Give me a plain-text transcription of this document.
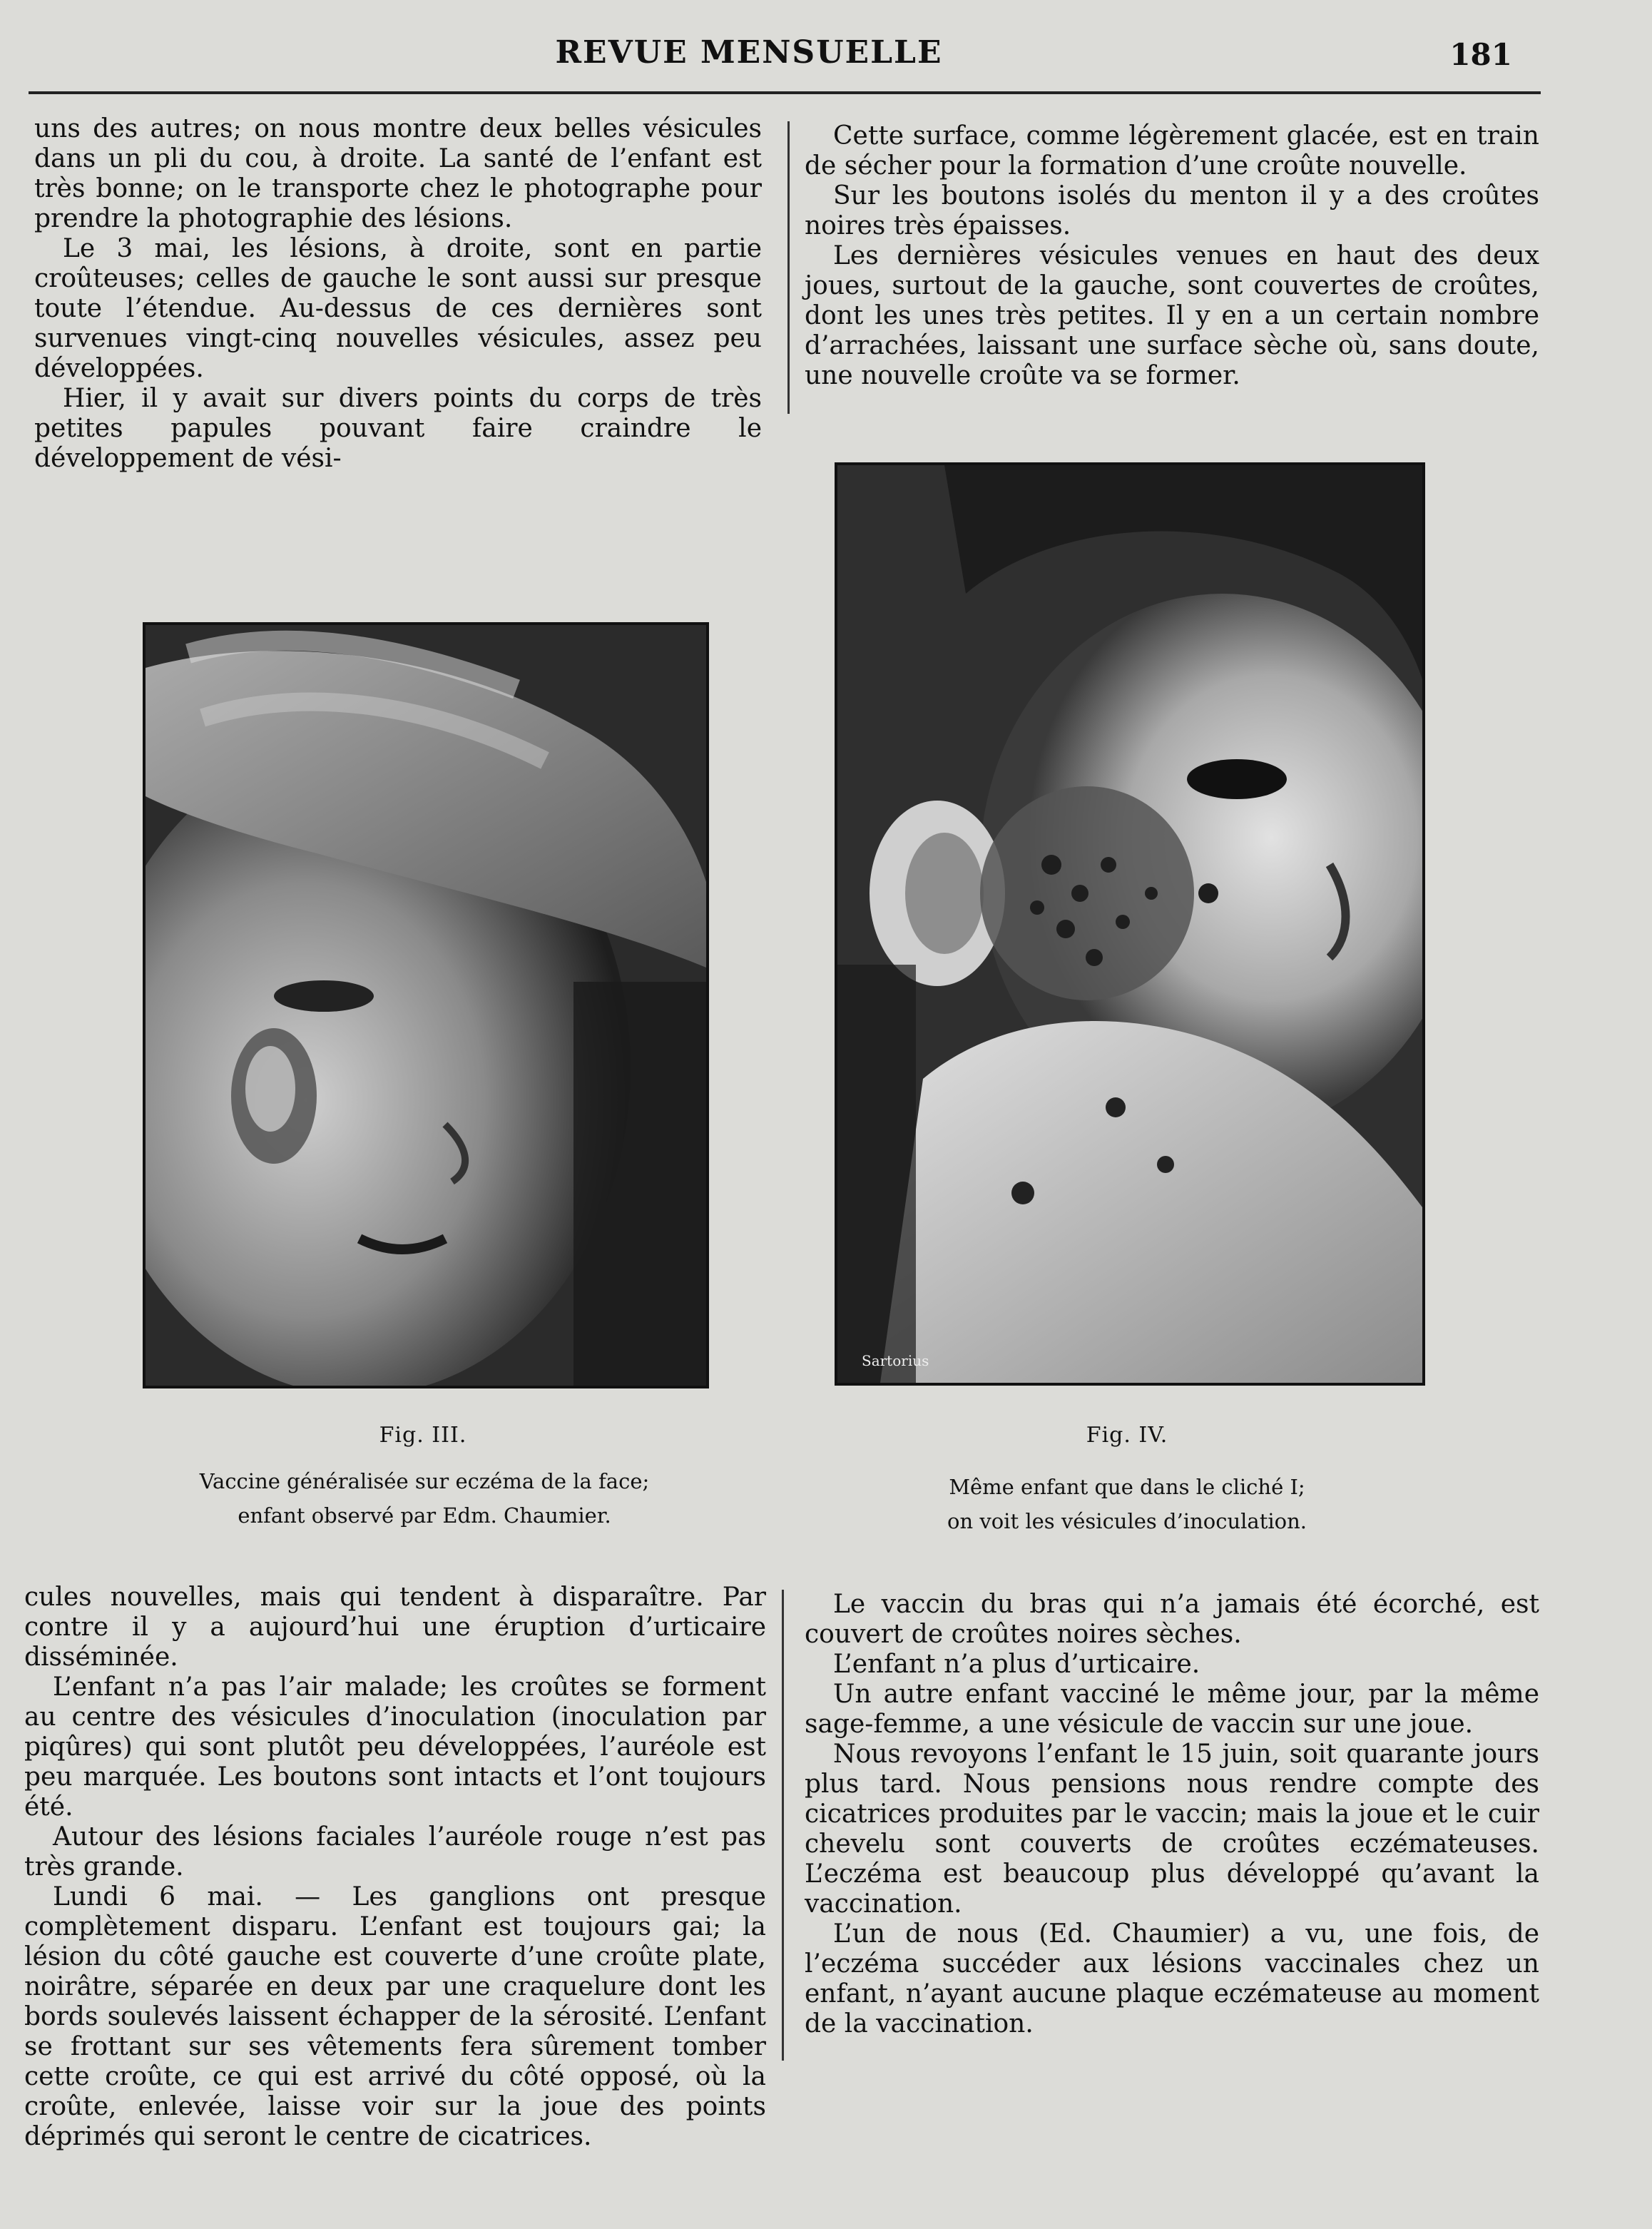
REVUE MENSUELLE	181

uns des autres; on nous montre deux belles vésicules dans un pli du cou, à droite. La santé de l’enfant est très bonne; on le transporte chez le photographe pour prendre la photographie des lésions.

Le 3 mai, les lésions, à droite, sont en partie croûteuses; celles de gauche le sont aussi sur presque toute l’étendue. Au-dessus de ces dernières sont survenues vingt-cinq nouvelles vésicules, assez peu développées.

Hier, il y avait sur divers points du corps de très petites papules pouvant faire craindre le développement de vési-

Cette surface, comme légèrement glacée, est en train de sécher pour la formation d’une croûte nouvelle.

Sur les boutons isolés du menton il y a des croûtes noires très épaisses.

Les dernières vésicules venues en haut des deux joues, surtout de la gauche, sont couvertes de croûtes, dont les unes très petites. Il y en a un certain nombre d’arrachées, laissant une surface sèche où, sans doute, une nouvelle croûte va se former.

Sartorius
Fig. III.
Vaccine généralisée sur eczéma de la face;
enfant observé par Edm. Chaumier.
Fig. IV.
Même enfant que dans le cliché I;
on voit les vésicules d’inoculation.

cules nouvelles, mais qui tendent à disparaître. Par contre il y a aujourd’hui une éruption d’urticaire disséminée.

L’enfant n’a pas l’air malade; les croûtes se forment au centre des vésicules d’inoculation (inoculation par piqûres) qui sont plutôt peu développées, l’auréole est peu marquée. Les boutons sont intacts et l’ont toujours été.

Autour des lésions faciales l’auréole rouge n’est pas très grande.

Lundi 6 mai. — Les ganglions ont presque complètement disparu. L’enfant est toujours gai; la lésion du côté gauche est couverte d’une croûte plate, noirâtre, séparée en deux par une craquelure dont les bords soulevés laissent échapper de la sérosité. L’enfant se frottant sur ses vêtements fera sûrement tomber cette croûte, ce qui est arrivé du côté opposé, où la croûte, enlevée, laisse voir sur la joue des points déprimés qui seront le centre de cicatrices.

Le vaccin du bras qui n’a jamais été écorché, est couvert de croûtes noires sèches.

L’enfant n’a plus d’urticaire.

Un autre enfant vacciné le même jour, par la même sage-femme, a une vésicule de vaccin sur une joue.

Nous revoyons l’enfant le 15 juin, soit quarante jours plus tard. Nous pensions nous rendre compte des cicatrices produites par le vaccin; mais la joue et le cuir chevelu sont couverts de croûtes eczémateuses. L’eczéma est beaucoup plus développé qu’avant la vaccination.

L’un de nous (Ed. Chaumier) a vu, une fois, de l’eczéma succéder aux lésions vaccinales chez un enfant, n’ayant aucune plaque eczémateuse au moment de la vaccination.
